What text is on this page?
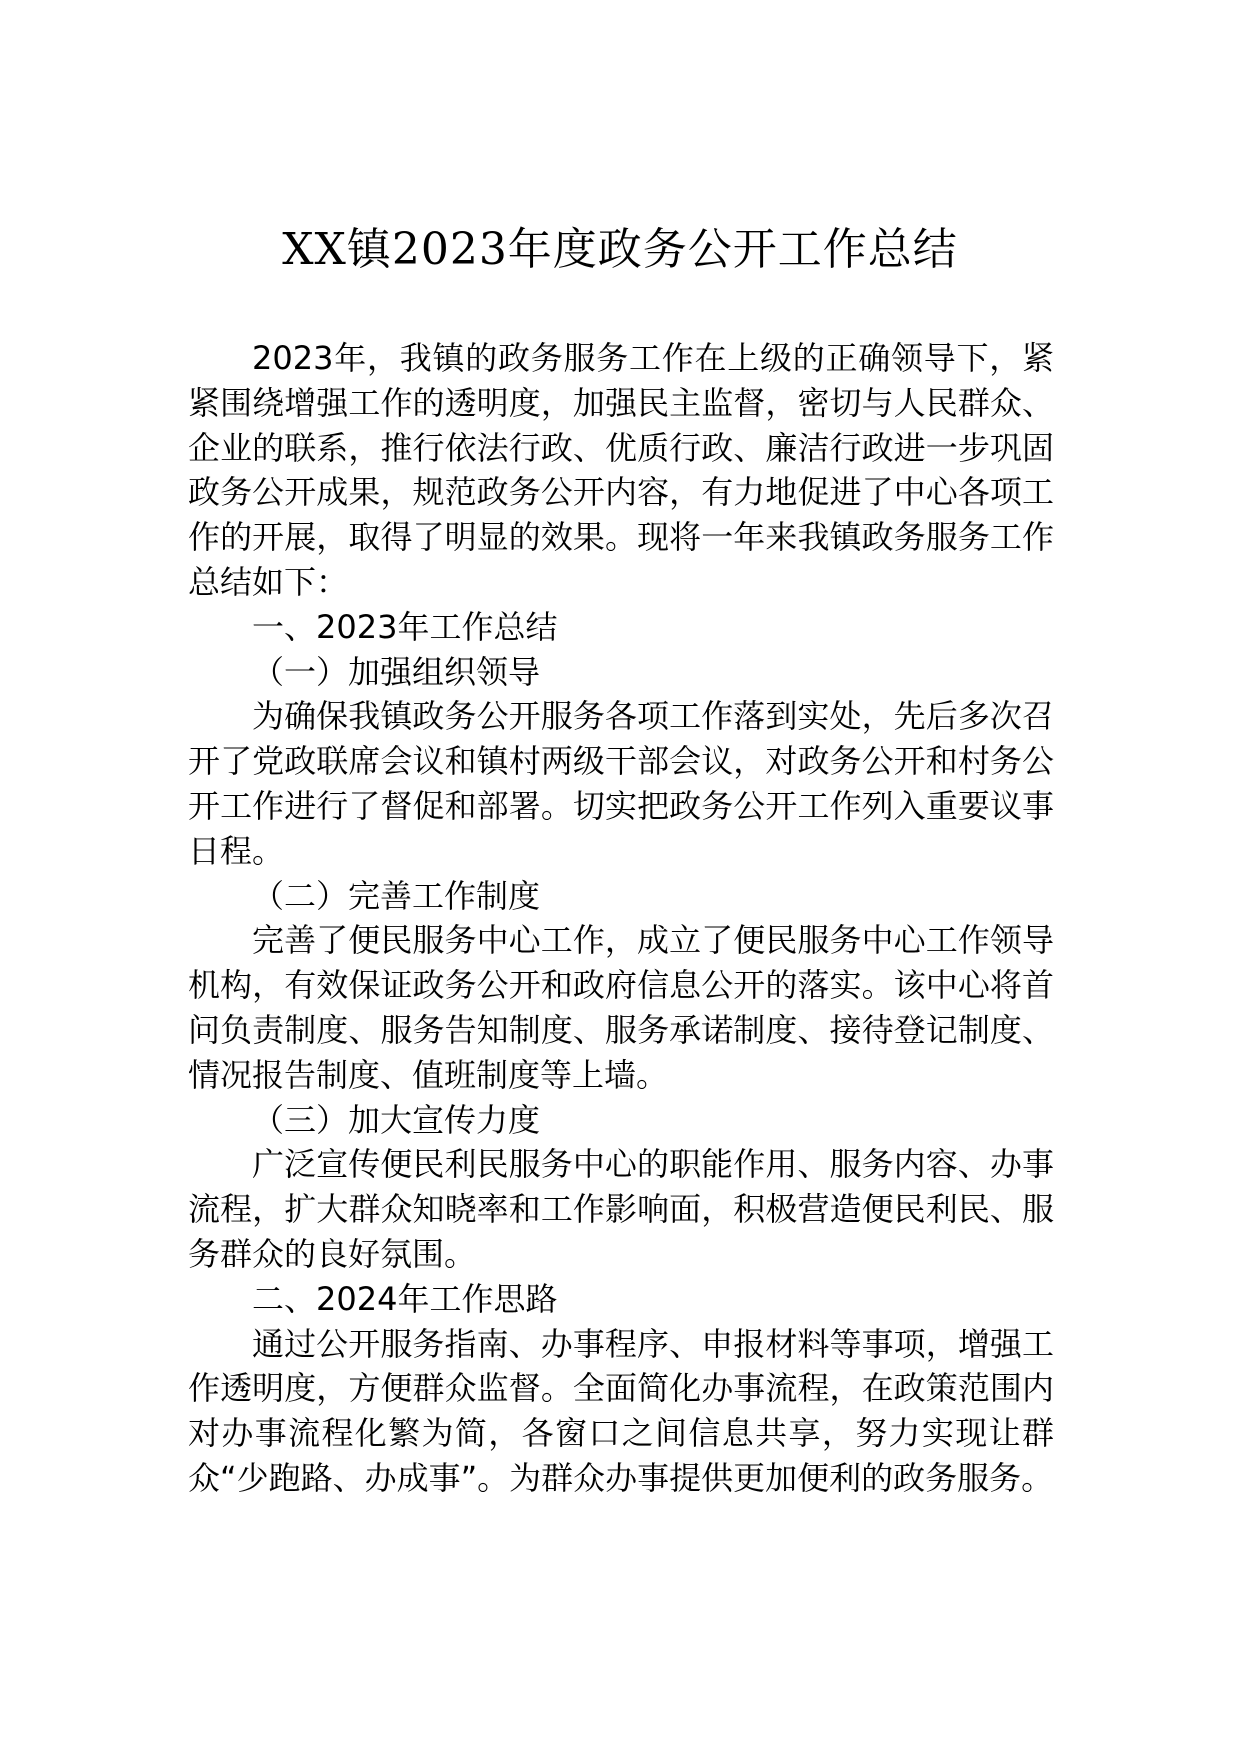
XX镇2023年度政务公开工作总结

2023年，我镇的政务服务工作在上级的正确领导下，紧紧围绕增强工作的透明度，加强民主监督，密切与人民群众、企业的联系，推行依法行政、优质行政、廉洁行政进一步巩固政务公开成果，规范政务公开内容，有力地促进了中心各项工作的开展，取得了明显的效果。现将一年来我镇政务服务工作总结如下：

一、2023年工作总结

（一）加强组织领导

为确保我镇政务公开服务各项工作落到实处，先后多次召开了党政联席会议和镇村两级干部会议，对政务公开和村务公开工作进行了督促和部署。切实把政务公开工作列入重要议事日程。

（二）完善工作制度

完善了便民服务中心工作，成立了便民服务中心工作领导机构，有效保证政务公开和政府信息公开的落实。该中心将首问负责制度、服务告知制度、服务承诺制度、接待登记制度、情况报告制度、值班制度等上墙。

（三）加大宣传力度

广泛宣传便民利民服务中心的职能作用、服务内容、办事流程，扩大群众知晓率和工作影响面，积极营造便民利民、服务群众的良好氛围。

二、2024年工作思路

通过公开服务指南、办事程序、申报材料等事项，增强工作透明度，方便群众监督。全面简化办事流程，在政策范围内对办事流程化繁为简，各窗口之间信息共享，努力实现让群众“少跑路、办成事”。为群众办事提供更加便利的政务服务。
